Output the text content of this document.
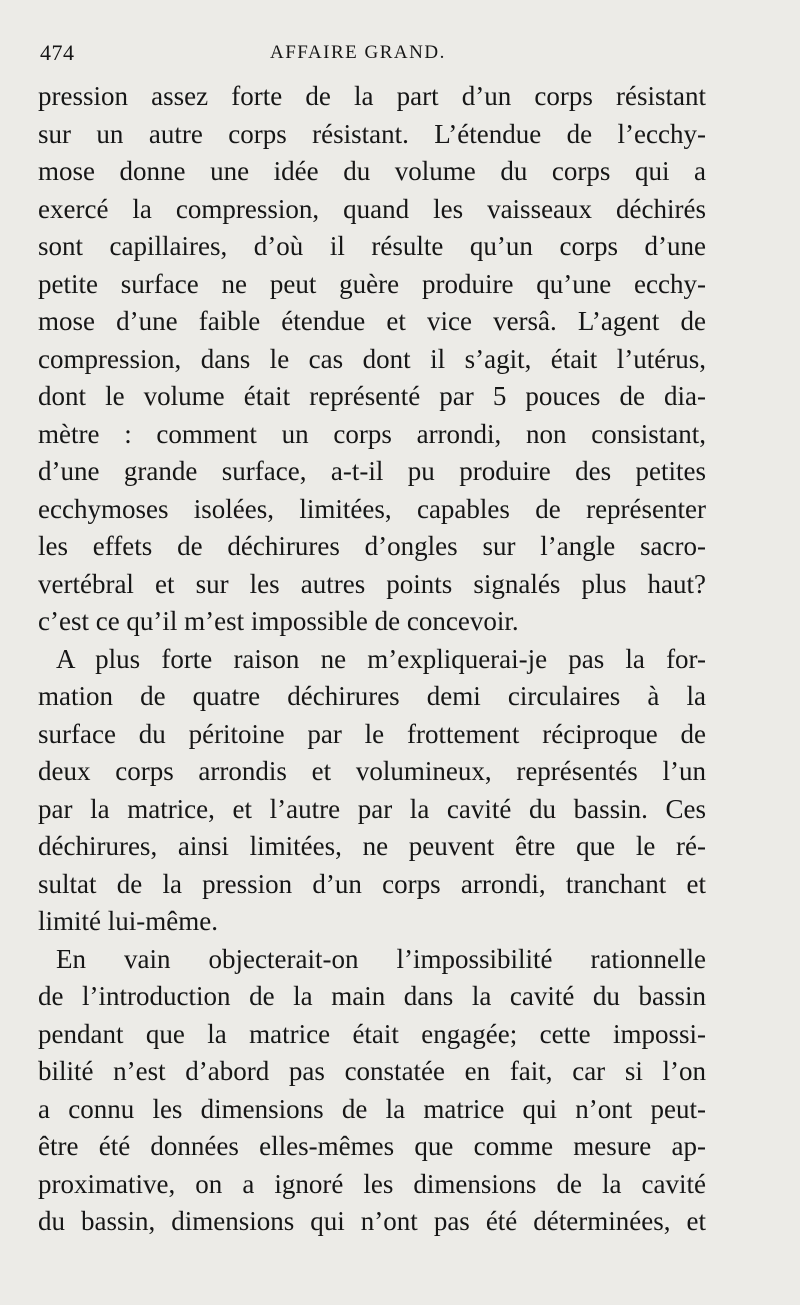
474	AFFAIRE GRAND.
pression assez forte de la part d’un corps résistant
sur un autre corps résistant. L’étendue de l’ecchy-
mose donne une idée du volume du corps qui a
exercé la compression, quand les vaisseaux déchirés
sont capillaires, d’où il résulte qu’un corps d’une
petite surface ne peut guère produire qu’une ecchy-
mose d’une faible étendue et vice versâ. L’agent de
compression, dans le cas dont il s’agit, était l’utérus,
dont le volume était représenté par 5 pouces de dia-
mètre : comment un corps arrondi, non consistant,
d’une grande surface, a-t-il pu produire des petites
ecchymoses isolées, limitées, capables de représenter
les effets de déchirures d’ongles sur l’angle sacro-
vertébral et sur les autres points signalés plus haut?
c’est ce qu’il m’est impossible de concevoir.
A plus forte raison ne m’expliquerai-je pas la for-
mation de quatre déchirures demi circulaires à la
surface du péritoine par le frottement réciproque de
deux corps arrondis et volumineux, représentés l’un
par la matrice, et l’autre par la cavité du bassin. Ces
déchirures, ainsi limitées, ne peuvent être que le ré-
sultat de la pression d’un corps arrondi, tranchant et
limité lui-même.
En vain objecterait-on l’impossibilité rationnelle
de l’introduction de la main dans la cavité du bassin
pendant que la matrice était engagée; cette impossi-
bilité n’est d’abord pas constatée en fait, car si l’on
a connu les dimensions de la matrice qui n’ont peut-
être été données elles-mêmes que comme mesure ap-
proximative, on a ignoré les dimensions de la cavité
du bassin, dimensions qui n’ont pas été déterminées, et
